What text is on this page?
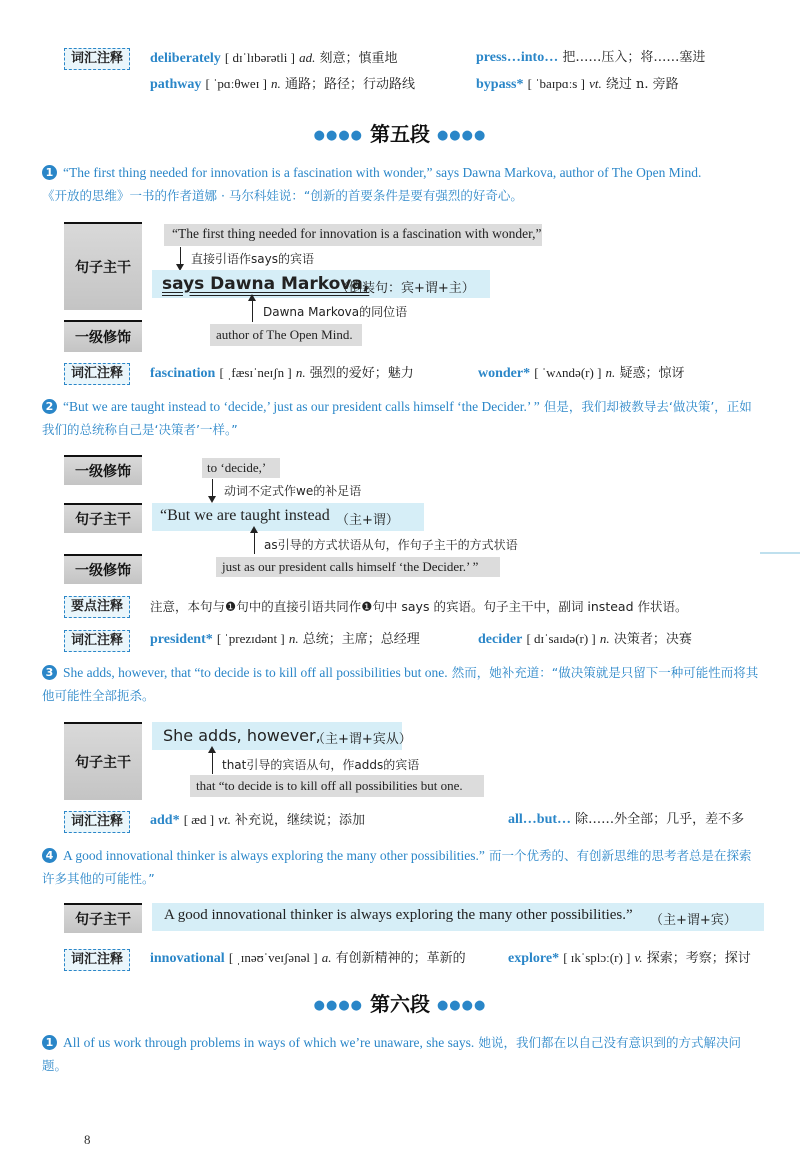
词汇注释	deliberately [ dɪˈlɪbərətli ] ad. 刻意；慎重地	press…into… 把……压入；将……塞进
pathway [ ˈpɑːθweɪ ] n. 通路；路径；行动路线	bypass* [ ˈbaɪpɑːs ] vt. 绕过 n. 旁路
●●●● 第五段 ●●●●
1 “The first thing needed for innovation is a fascination with wonder,” says Dawna Markova, author of The Open Mind.
《开放的思维》一书的作者道娜 · 马尔科娃说：“创新的首要条件是要有强烈的好奇心。
句子主干
一级修饰
“The first thing needed for innovation is a fascination with wonder,”
直接引语作says的宾语
says Dawna Markova,
（倒装句：宾+谓+主）
Dawna Markova的同位语
author of The Open Mind.
词汇注释	fascination [ ˌfæsɪˈneɪʃn ] n. 强烈的爱好；魅力	wonder* [ ˈwʌndə(r) ] n. 疑惑；惊讶
2 “But we are taught instead to ‘decide,’ just as our president calls himself ‘the Decider.’ ” 但是，我们却被教导去‘做决策’，正如我们的总统称自己是‘决策者’一样。”
一级修饰
句子主干
一级修饰
to ‘decide,’
动词不定式作we的补足语
“But we are taught instead （主+谓）
as引导的方式状语从句，作句子主干的方式状语
just as our president calls himself ‘the Decider.’ ”
要点注释	注意，本句与❶句中的直接引语共同作❶句中 says 的宾语。句子主干中，副词 instead 作状语。
词汇注释	president* [ ˈprezɪdənt ] n. 总统；主席；总经理	decider [ dɪˈsaɪdə(r) ] n. 决策者；决赛
3 She adds, however, that “to decide is to kill off all possibilities but one. 然而，她补充道：“做决策就是只留下一种可能性而将其他可能性全部扼杀。
句子主干
She adds, however,
（主+谓+宾从）
that引导的宾语从句，作adds的宾语
that “to decide is to kill off all possibilities but one.
词汇注释	add* [ æd ] vt. 补充说，继续说；添加	all…but… 除……外全部；几乎，差不多
4 A good innovational thinker is always exploring the many other possibilities.” 而一个优秀的、有创新思维的思考者总是在探索许多其他的可能性。”
句子主干	A good innovational thinker is always exploring the many other possibilities.” （主+谓+宾）
词汇注释	innovational [ ˌɪnəʊˈveɪʃənəl ] a. 有创新精神的；革新的	explore* [ ɪkˈsplɔː(r) ] v. 探索；考察；探讨
●●●● 第六段 ●●●●
1 All of us work through problems in ways of which we’re unaware, she says. 她说，我们都在以自己没有意识到的方式解决问题。
8
